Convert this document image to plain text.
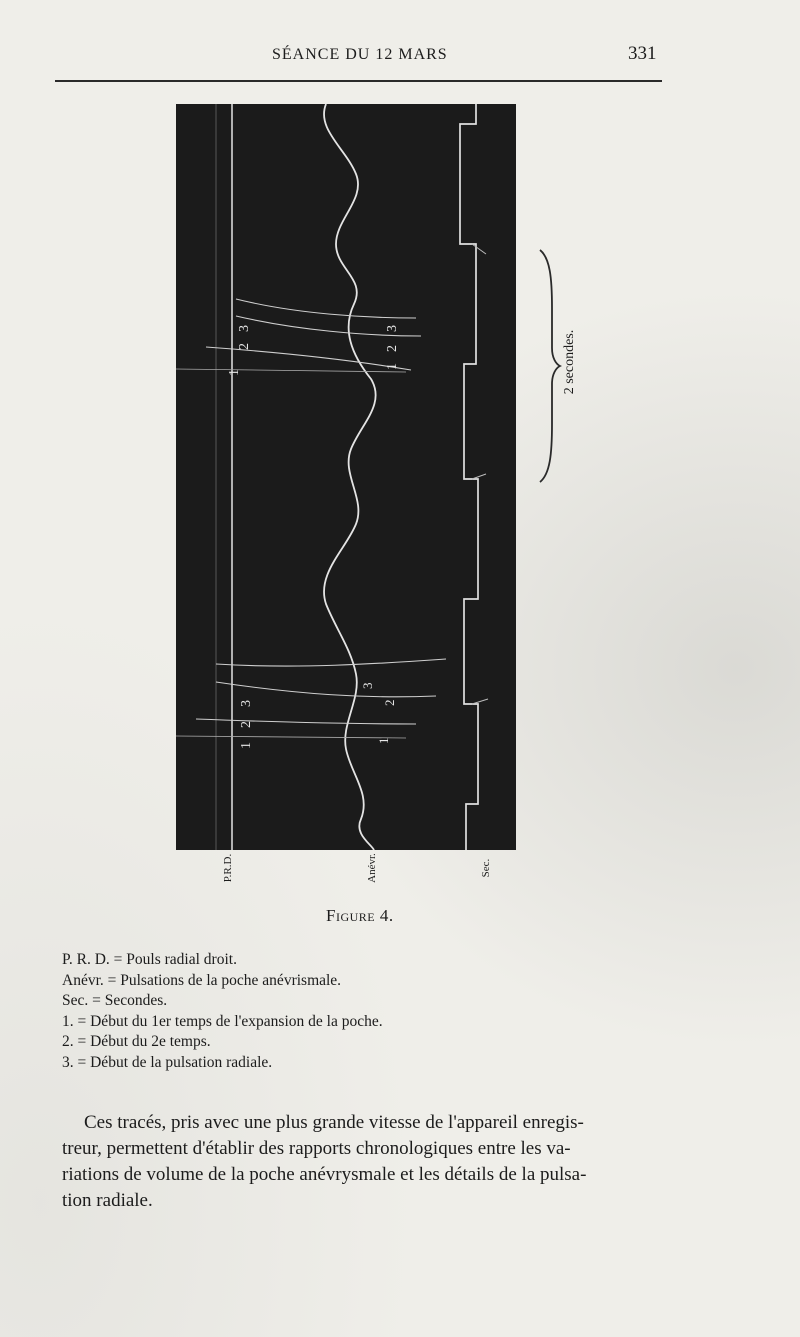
SÉANCE DU 12 MARS	331
1
2
3
1
2
3
1
2
3
1
2
3
2 secondes.
P.R.D.	Anévr.	Sec.
Figure 4.
P. R. D. = Pouls radial droit.
Anévr. = Pulsations de la poche anévrismale.
Sec. = Secondes.
1. = Début du 1er temps de l'expansion de la poche.
2. = Début du 2e temps.
3. = Début de la pulsation radiale.
Ces tracés, pris avec une plus grande vitesse de l'appareil enregis-
treur, permettent d'établir des rapports chronologiques entre les va-
riations de volume de la poche anévrysmale et les détails de la pulsa-
tion radiale.
